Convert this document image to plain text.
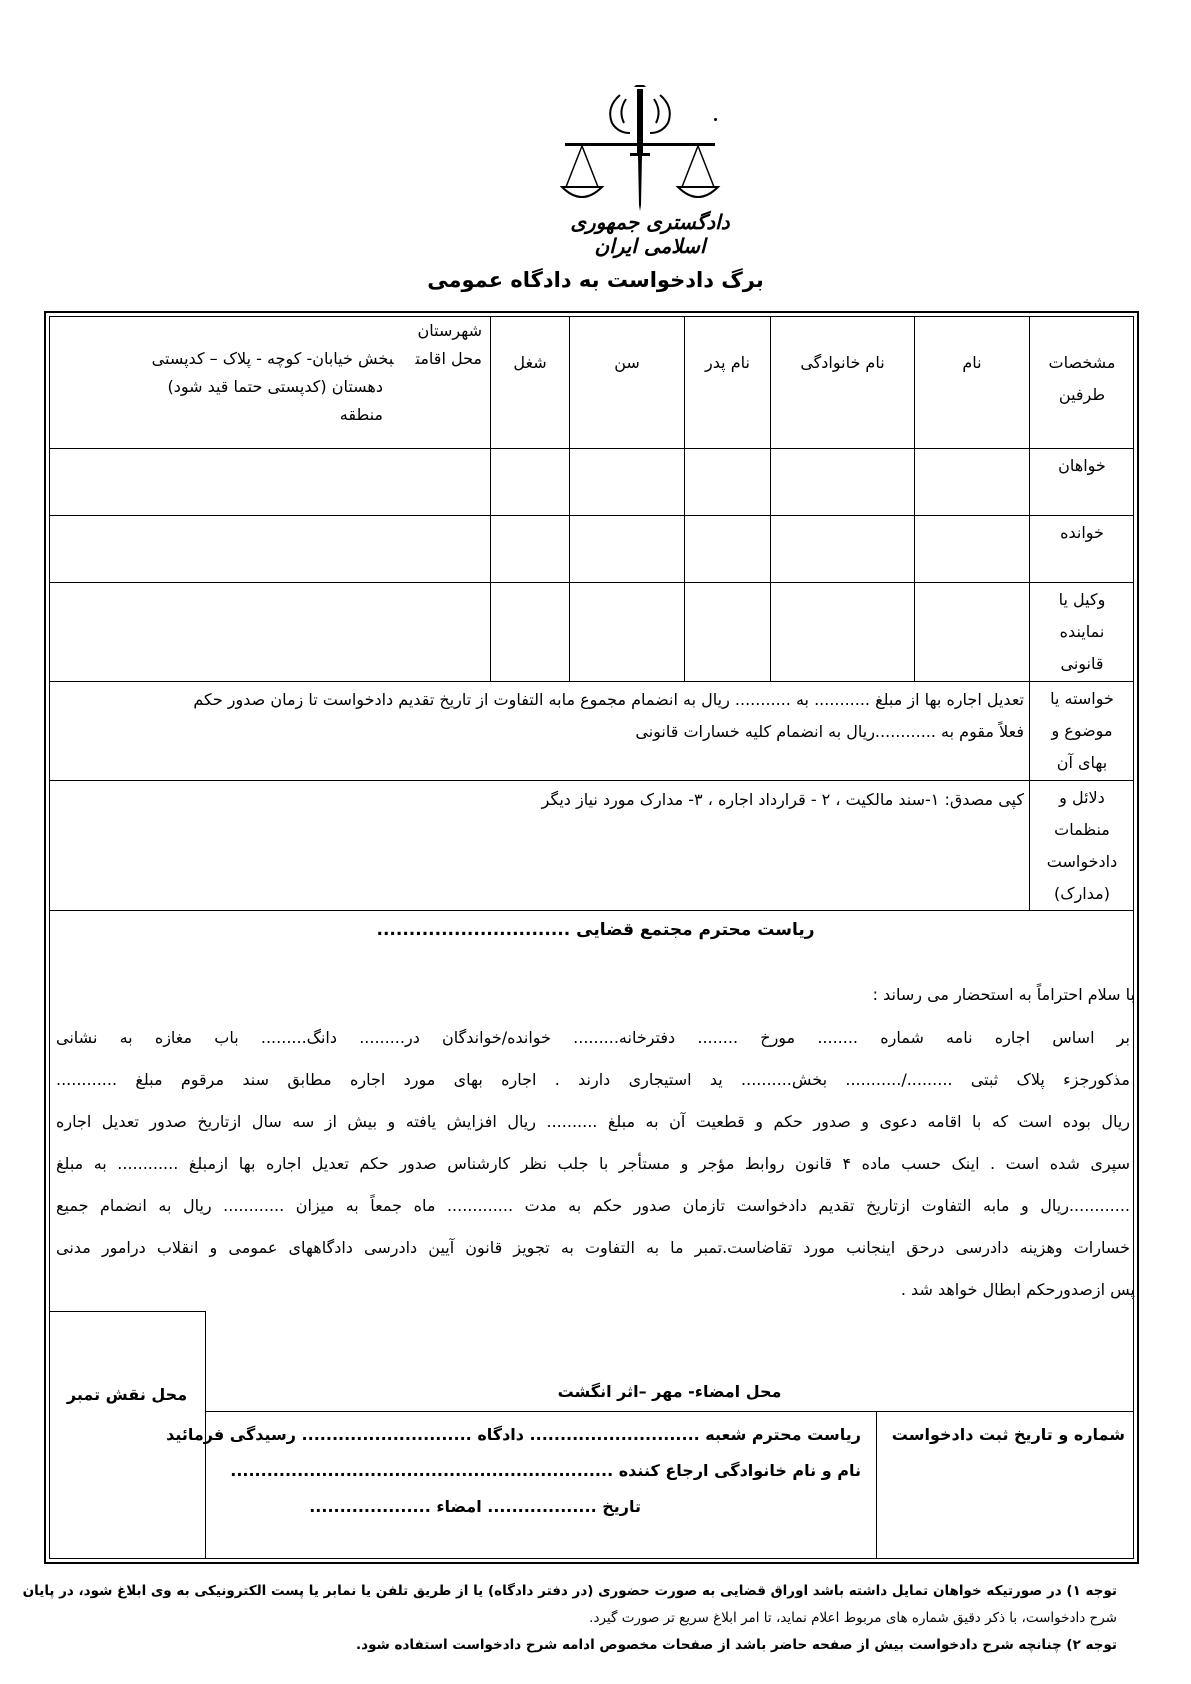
دادگستری جمهوری اسلامی ایران
برگ دادخواست به دادگاه عمومی
مشخصات
طرفین
نام
نام خانوادگی
نام پدر
سن
شغل
شهرستان
محل اقامتبخش خیابان- کوچه - پلاک – کدپستی
دهستان (کدپستی حتما قید شود)
منطقه
خواهان
خوانده
وکیل یا
نماینده
قانونی
خواسته یا
موضوع و
بهای آن
تعدیل اجاره بها از مبلغ ........... به ........... ریال به انضمام مجموع مابه التفاوت از تاریخ تقدیم دادخواست تا زمان صدور حکم
فعلاً مقوم به ............ریال به انضمام کلیه خسارات قانونی
دلائل و
منظمات
دادخواست
(مدارک)
کپی مصدق: ۱-سند مالکیت ، ۲ - قرارداد اجاره ، ۳- مدارک مورد نیاز دیگر
ریاست محترم مجتمع قضایی ..............................
با سلام احتراماً به استحضار می رساند :
بر اساس اجاره نامه شماره ........ مورخ ........ دفترخانه......... خوانده/خواندگان در......... دانگ......... باب مغازه به نشانی
مذکورجزء پلاک ثبتی ........./........... بخش.......... ید استیجاری دارند . اجاره بهای مورد اجاره مطابق سند مرقوم مبلغ ............
ریال بوده است که با اقامه دعوی و صدور حکم و قطعیت آن به مبلغ .......... ریال افزایش یافته و بیش از سه سال ازتاریخ صدور تعدیل اجاره
سپری شده است . اینک حسب ماده ۴ قانون روابط مؤجر و مستأجر با جلب نظر کارشناس صدور حکم تعدیل اجاره بها ازمبلغ ............ به مبلغ
............ریال و مابه التفاوت ازتاریخ تقدیم دادخواست تازمان صدور حکم به مدت ............. ماه جمعاً به میزان ............ ریال به انضمام جمیع
خسارات وهزینه دادرسی درحق اینجانب مورد تقاضاست.تمبر ما به التفاوت به تجویز قانون آیین دادرسی دادگاههای عمومی و انقلاب درامور مدنی
پس ازصدورحکم ابطال خواهد شد .
محل نقش تمبر	محل امضاء- مهر –اثر انگشت
شماره و تاریخ ثبت دادخواست
ریاست محترم شعبه ............................ دادگاه ............................ رسیدگی فرمائید
نام و نام خانوادگی ارجاع کننده ...............................................................
تاریخ .................. امضاء ....................
توجه ۱) در صورتیکه خواهان تمایل داشته باشد اوراق قضایی به صورت حضوری (در دفتر دادگاه) یا از طریق تلفن یا نمابر یا پست الکترونیکی به وی ابلاغ شود، در پایان
شرح دادخواست، با ذکر دقیق شماره های مربوط اعلام نماید، تا امر ابلاغ سریع تر صورت گیرد.
توجه ۲) چنانچه شرح دادخواست بیش از صفحه حاضر باشد از صفحات مخصوص ادامه شرح دادخواست استفاده شود.
